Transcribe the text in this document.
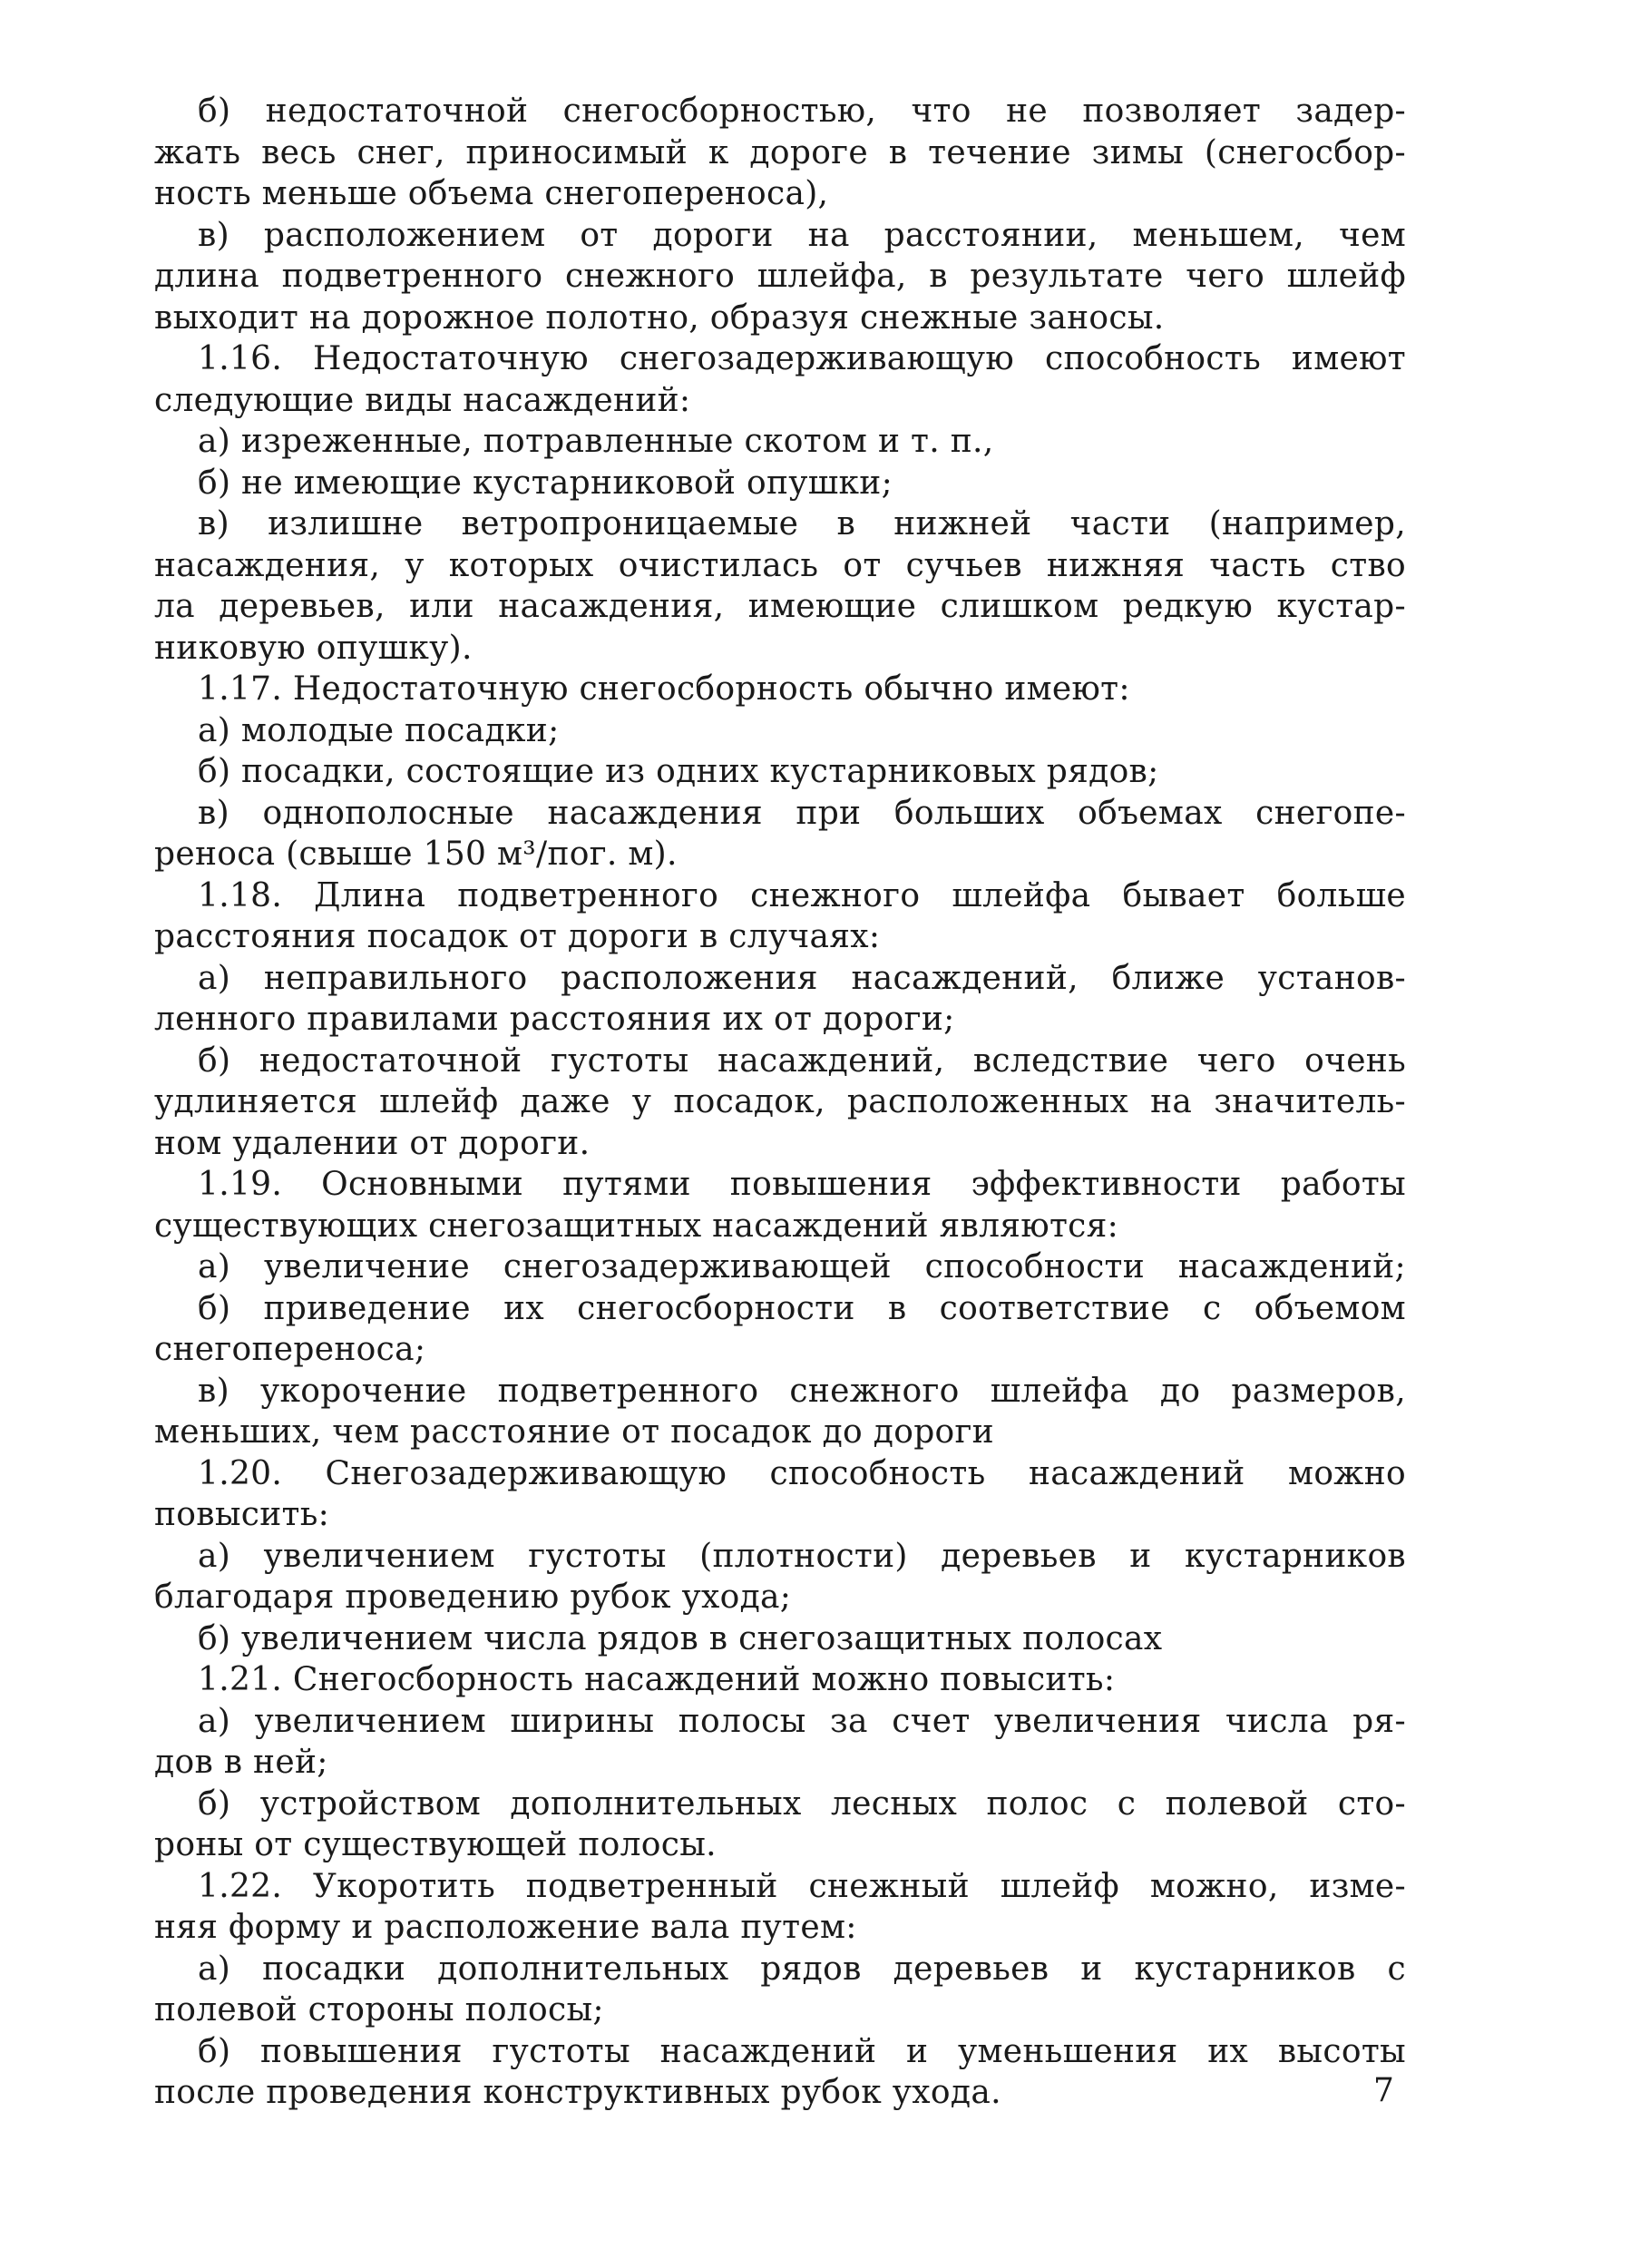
б) недостаточной снегосборностью, что не позволяет задер-
жать весь снег, приносимый к дороге в течение зимы (снегосбор-
ность меньше объема снегопереноса),
в) расположением от дороги на расстоянии, меньшем, чем
длина подветренного снежного шлейфа, в результате чего шлейф
выходит на дорожное полотно, образуя снежные заносы.
1.16. Недостаточную снегозадерживающую способность имеют
следующие виды насаждений:
а) изреженные, потравленные скотом и т. п.,
б) не имеющие кустарниковой опушки;
в) излишне ветропроницаемые в нижней части (например,
насаждения, у которых очистилась от сучьев нижняя часть ство
ла деревьев, или насаждения, имеющие слишком редкую кустар-
никовую опушку).
1.17. Недостаточную снегосборность обычно имеют:
а) молодые посадки;
б) посадки, состоящие из одних кустарниковых рядов;
в) однополосные насаждения при больших объемах снегопе-
реноса (свыше 150 м³/пог. м).
1.18. Длина подветренного снежного шлейфа бывает больше
расстояния посадок от дороги в случаях:
а) неправильного расположения насаждений, ближе установ-
ленного правилами расстояния их от дороги;
б) недостаточной густоты насаждений, вследствие чего очень
удлиняется шлейф даже у посадок, расположенных на значитель-
ном удалении от дороги.
1.19. Основными путями повышения эффективности работы
существующих снегозащитных насаждений являются:
а) увеличение снегозадерживающей способности насаждений;
б) приведение их снегосборности в соответствие с объемом
снегопереноса;
в) укорочение подветренного снежного шлейфа до размеров,
меньших, чем расстояние от посадок до дороги
1.20. Снегозадерживающую способность насаждений можно
повысить:
а) увеличением густоты (плотности) деревьев и кустарников
благодаря проведению рубок ухода;
б) увеличением числа рядов в снегозащитных полосах
1.21. Снегосборность насаждений можно повысить:
а) увеличением ширины полосы за счет увеличения числа ря-
дов в ней;
б) устройством дополнительных лесных полос с полевой сто-
роны от существующей полосы.
1.22. Укоротить подветренный снежный шлейф можно, изме-
няя форму и расположение вала путем:
а) посадки дополнительных рядов деревьев и кустарников с
полевой стороны полосы;
б) повышения густоты насаждений и уменьшения их высоты
после проведения конструктивных рубок ухода.	7
